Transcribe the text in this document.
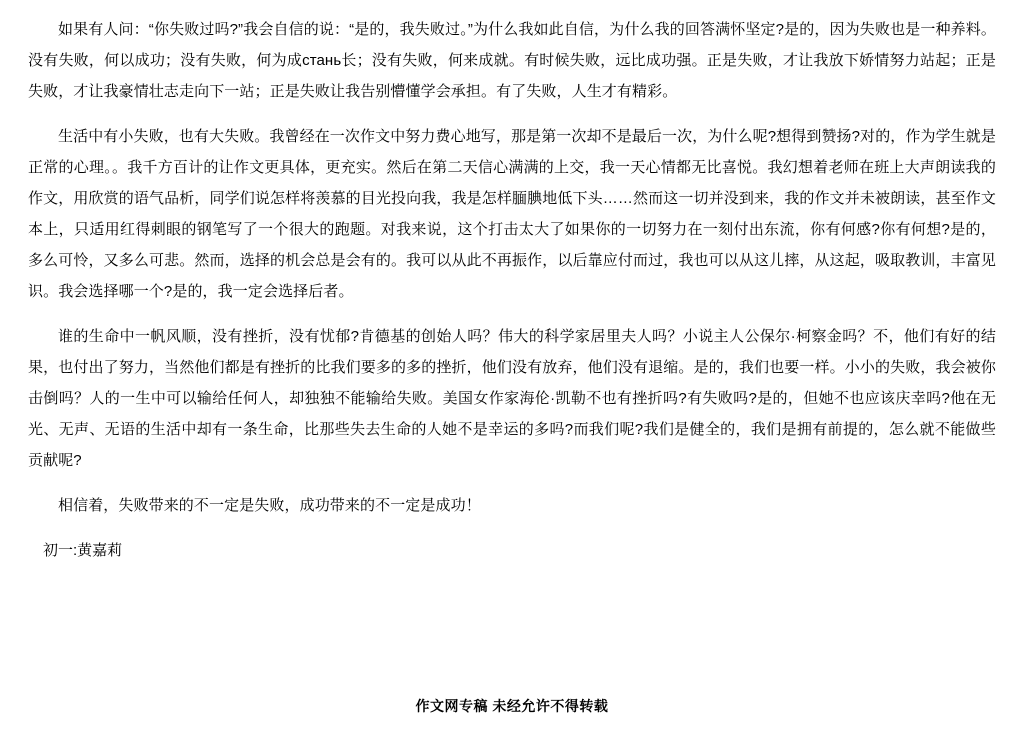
如果有人问：“你失败过吗?”我会自信的说：“是的，我失败过。”为什么我如此自信，为什么我的回答满怀坚定?是的，因为失败也是一种养料。没有失败，何以成功；没有失败，何为成стань长；没有失败，何来成就。有时候失败，远比成功强。正是失败，才让我放下娇情努力站起；正是失败，才让我豪情壮志走向下一站；正是失败让我告别懵懂学会承担。有了失败，人生才有精彩。

生活中有小失败，也有大失败。我曾经在一次作文中努力费心地写，那是第一次却不是最后一次，为什么呢?想得到赞扬?对的，作为学生就是正常的心理。。我千方百计的让作文更具体，更充实。然后在第二天信心满满的上交，我一天心情都无比喜悦。我幻想着老师在班上大声朗读我的作文，用欣赏的语气品析，同学们说怎样将羡慕的目光投向我，我是怎样腼腆地低下头……然而这一切并没到来，我的作文并未被朗读，甚至作文本上，只适用红得刺眼的钢笔写了一个很大的跑题。对我来说，这个打击太大了如果你的一切努力在一刻付出东流，你有何感?你有何想?是的，多么可怜，又多么可悲。然而，选择的机会总是会有的。我可以从此不再振作，以后靠应付而过，我也可以从这儿摔，从这起，吸取教训，丰富见识。我会选择哪一个?是的，我一定会选择后者。

谁的生命中一帆风顺，没有挫折，没有忧郁?肯德基的创始人吗？伟大的科学家居里夫人吗？小说主人公保尔·柯察金吗？不，他们有好的结果，也付出了努力，当然他们都是有挫折的比我们要多的多的挫折，他们没有放弃，他们没有退缩。是的，我们也要一样。小小的失败，我会被你击倒吗？人的一生中可以输给任何人，却独独不能输给失败。美国女作家海伦·凯勒不也有挫折吗?有失败吗?是的，但她不也应该庆幸吗?他在无光、无声、无语的生活中却有一条生命，比那些失去生命的人她不是幸运的多吗?而我们呢?我们是健全的，我们是拥有前提的，怎么就不能做些贡献呢?

相信着，失败带来的不一定是失败，成功带来的不一定是成功！

初一:黄嘉莉

作文网专稿 未经允许不得转载
